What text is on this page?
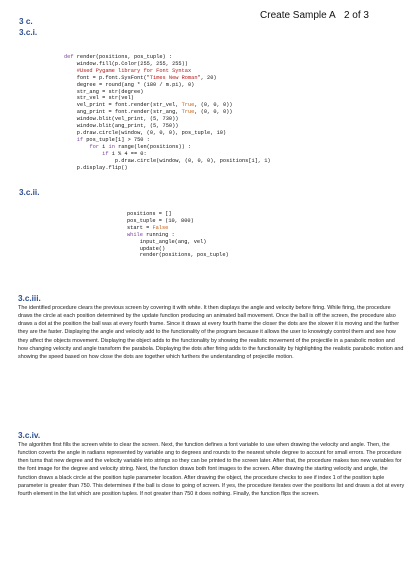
Create Sample A 2 of 3
3 c.
3.c.i.
def render(positions, pos_tuple) :
window.fill(p.Color(255, 255, 255))
#Used Pygame library for Font Syntax
font = p.font.SysFont("Times New Roman", 20)
degree = round(ang * (180 / m.pi), 0)
str_ang = str(degree)
str_vel = str(vel)
vel_print = font.render(str_vel, True, (0, 0, 0))
ang_print = font.render(str_ang, True, (0, 0, 0))
window.blit(vel_print, (5, 730))
window.blit(ang_print, (5, 750))
p.draw.circle(window, (0, 0, 0), pos_tuple, 10)
if pos_tuple[1] > 750 :
for i in range(len(positions)) :
if i % 4 == 0:
p.draw.circle(window, (0, 0, 0), positions[i], 1)
p.display.flip()
3.c.ii.
positions = []
pos_tuple = (10, 800)
start = False
while running :
input_angle(ang, vel)
update()
render(positions, pos_tuple)
3.c.iii.

The identified procedure clears the previous screen by covering it with white. It then displays the angle and velocity before firing. While firing, the procedure draws the circle at each position determined by the update function producing an animated ball movement. Once the ball is off the screen, the procedure also draws a dot at the position the ball was at every fourth frame. Since it draws at every fourth frame the closer the dots are the slower it is moving and the farther they are the faster. Displaying the angle and velocity add to the functionality of the program because it allows the user to knowingly control them and see how they affect the objects movement. Displaying the object adds to the functionality by showing the realistic movement of the projectile in a parabolic motion and how changing velocity and angle transform the parabola. Displaying the dots after firing adds to the functionality by highlighting the realistic parabolic motion and showing the speed based on how close the dots are together which furthers the understanding of projectile motion.

3.c.iv.

The algorithm first fills the screen white to clear the screen. Next, the function defines a font variable to use when drawing the velocity and angle. Then, the function coverts the angle in radians represented by variable ang to degrees and rounds to the nearest whole degree to account for small errors. The procedure then turns that new degree and the velocity variable into strings so they can be printed to the screen later. After that, the procedure makes two new variables for the font image for the degree and velocity string. Next, the function draws both font images to the screen. After drawing the starting velocity and angle, the function draws a black circle at the position tuple parameter location. After drawing the object, the procedure checks to see if index 1 of the position tuple parameter is greater than 750. This determines if the ball is close to going of screen. If yes, the procedure iterates over the positions list and draws a dot at every fourth element in the list which are position tuples. If not greater than 750 it does nothing. Finally, the function flips the screen.
